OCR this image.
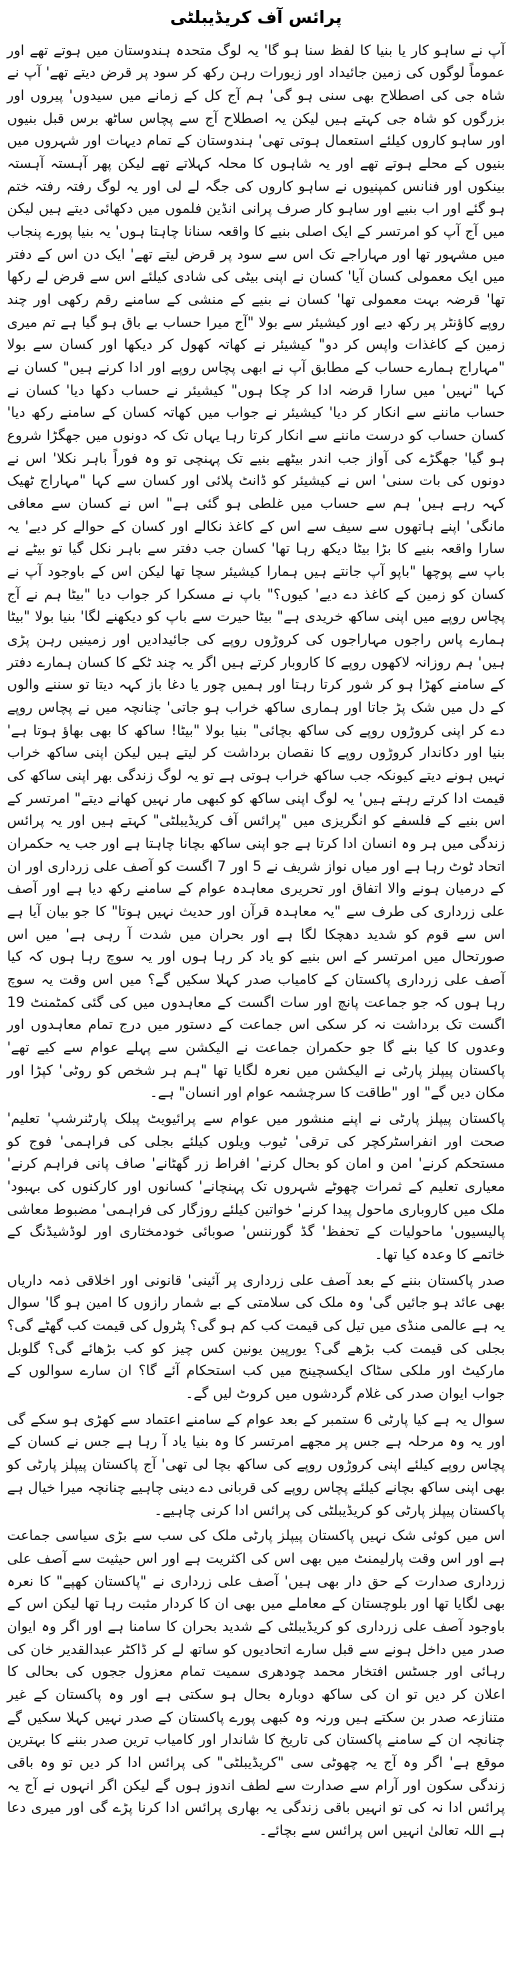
پرائس آف کریڈیبلٹی

آپ نے ساہو کار یا بنیا کا لفظ سنا ہو گا' یہ لوگ متحدہ ہندوستان میں ہوتے تھے اور عموماً لوگوں کی زمین جائیداد اور زیورات رہن رکھ کر سود پر قرض دیتے تھے' آپ نے شاہ جی کی اصطلاح بھی سنی ہو گی' ہم آج کل کے زمانے میں سیدوں' پیروں اور بزرگوں کو شاہ جی کہتے ہیں لیکن یہ اصطلاح آج سے پچاس ساٹھ برس قبل بنیوں اور ساہو کاروں کیلئے استعمال ہوتی تھی' ہندوستان کے تمام دیہات اور شہروں میں بنیوں کے محلے ہوتے تھے اور یہ شاہوں کا محلہ کہلاتے تھے لیکن پھر آہستہ آہستہ بینکوں اور فنانس کمپنیوں نے ساہو کاروں کی جگہ لے لی اور یہ لوگ رفتہ رفتہ ختم ہو گئے اور اب بنیے اور ساہو کار صرف پرانی انڈین فلموں میں دکھائی دیتے ہیں لیکن میں آج آپ کو امرتسر کے ایک اصلی بنیے کا واقعہ سنانا چاہتا ہوں' یہ بنیا پورے پنجاب میں مشہور تھا اور مہاراجے تک اس سے سود پر قرض لیتے تھے' ایک دن اس کے دفتر میں ایک معمولی کسان آیا' کسان نے اپنی بیٹی کی شادی کیلئے اس سے قرض لے رکھا تھا' قرضہ بہت معمولی تھا' کسان نے بنیے کے منشی کے سامنے رقم رکھی اور چند روپے کاؤنٹر پر رکھ دیے اور کیشیئر سے بولا "آج میرا حساب بے باق ہو گیا ہے تم میری زمین کے کاغذات واپس کر دو" کیشیئر نے کھاتہ کھول کر دیکھا اور کسان سے بولا "مہاراج ہمارے حساب کے مطابق آپ نے ابھی پچاس روپے اور ادا کرنے ہیں" کسان نے کہا "نہیں' میں سارا قرضہ ادا کر چکا ہوں" کیشیئر نے حساب دکھا دیا' کسان نے حساب ماننے سے انکار کر دیا' کیشیئر نے جواب میں کھاتہ کسان کے سامنے رکھ دیا' کسان حساب کو درست ماننے سے انکار کرتا رہا یہاں تک کہ دونوں میں جھگڑا شروع ہو گیا' جھگڑے کی آواز جب اندر بیٹھے بنیے تک پہنچی تو وہ فوراً باہر نکلا' اس نے دونوں کی بات سنی' اس نے کیشیئر کو ڈانٹ پلائی اور کسان سے کہا "مہاراج ٹھیک کہہ رہے ہیں' ہم سے حساب میں غلطی ہو گئی ہے" اس نے کسان سے معافی مانگی' اپنے ہاتھوں سے سیف سے اس کے کاغذ نکالے اور کسان کے حوالے کر دیے' یہ سارا واقعہ بنیے کا بڑا بیٹا دیکھ رہا تھا' کسان جب دفتر سے باہر نکل گیا تو بیٹے نے باپ سے پوچھا "باپو آپ جانتے ہیں ہمارا کیشیئر سچا تھا لیکن اس کے باوجود آپ نے کسان کو زمین کے کاغذ دے دیے' کیوں؟" باپ نے مسکرا کر جواب دیا "بیٹا ہم نے آج پچاس روپے میں اپنی ساکھ خریدی ہے" بیٹا حیرت سے باپ کو دیکھنے لگا' بنیا بولا "بیٹا ہمارے پاس راجوں مہاراجوں کی کروڑوں روپے کی جائیدادیں اور زمینیں رہن پڑی ہیں' ہم روزانہ لاکھوں روپے کا کاروبار کرتے ہیں اگر یہ چند ٹکے کا کسان ہمارے دفتر کے سامنے کھڑا ہو کر شور کرتا رہتا اور ہمیں چور یا دغا باز کہہ دیتا تو سننے والوں کے دل میں شک پڑ جاتا اور ہماری ساکھ خراب ہو جاتی' چنانچہ میں نے پچاس روپے دے کر اپنی کروڑوں روپے کی ساکھ بچائی" بنیا بولا "بیٹا! ساکھ کا بھی بھاؤ ہوتا ہے' بنیا اور دکاندار کروڑوں روپے کا نقصان برداشت کر لیتے ہیں لیکن اپنی ساکھ خراب نہیں ہونے دیتے کیونکہ جب ساکھ خراب ہوتی ہے تو یہ لوگ زندگی بھر اپنی ساکھ کی قیمت ادا کرتے رہتے ہیں' یہ لوگ اپنی ساکھ کو کبھی مار نہیں کھانے دیتے" امرتسر کے اس بنیے کے فلسفے کو انگریزی میں "پرائس آف کریڈیبلٹی" کہتے ہیں اور یہ پرائس زندگی میں ہر وہ انسان ادا کرتا ہے جو اپنی ساکھ بچانا چاہتا ہے اور جب یہ حکمران اتحاد ٹوٹ رہا ہے اور میاں نواز شریف نے 5 اور 7 اگست کو آصف علی زرداری اور ان کے درمیان ہونے والا اتفاق اور تحریری معاہدہ عوام کے سامنے رکھ دیا ہے اور آصف علی زرداری کی طرف سے "یہ معاہدہ قرآن اور حدیث نہیں ہوتا" کا جو بیان آیا ہے اس سے قوم کو شدید دھچکا لگا ہے اور بحران میں شدت آ رہی ہے' میں اس صورتحال میں امرتسر کے اس بنیے کو یاد کر رہا ہوں اور یہ سوچ رہا ہوں کہ کیا آصف علی زرداری پاکستان کے کامیاب صدر کہلا سکیں گے؟ میں اس وقت یہ سوچ رہا ہوں کہ جو جماعت پانچ اور سات اگست کے معاہدوں میں کی گئی کمٹمنٹ 19 اگست تک برداشت نہ کر سکی اس جماعت کے دستور میں درج تمام معاہدوں اور وعدوں کا کیا بنے گا جو حکمران جماعت نے الیکشن سے پہلے عوام سے کیے تھے' پاکستان پیپلز پارٹی نے الیکشن میں نعرہ لگایا تھا "ہم ہر شخص کو روٹی' کپڑا اور مکان دیں گے" اور "طاقت کا سرچشمہ عوام اور انسان" ہے۔

پاکستان پیپلز پارٹی نے اپنے منشور میں عوام سے پرائیویٹ پبلک پارٹنرشپ' تعلیم' صحت اور انفراسٹرکچر کی ترقی' ٹیوب ویلوں کیلئے بجلی کی فراہمی' فوج کو مستحکم کرنے' امن و امان کو بحال کرنے' افراط زر گھٹانے' صاف پانی فراہم کرنے' معیاری تعلیم کے ثمرات چھوٹے شہروں تک پہنچانے' کسانوں اور کارکنوں کی بہبود' ملک میں کاروباری ماحول پیدا کرنے' خواتین کیلئے روزگار کی فراہمی' مضبوط معاشی پالیسیوں' ماحولیات کے تحفظ' گڈ گورننس' صوبائی خودمختاری اور لوڈشیڈنگ کے خاتمے کا وعدہ کیا تھا۔

صدر پاکستان بننے کے بعد آصف علی زرداری پر آئینی' قانونی اور اخلاقی ذمہ داریاں بھی عائد ہو جائیں گی' وہ ملک کی سلامتی کے بے شمار رازوں کا امین ہو گا' سوال یہ ہے عالمی منڈی میں تیل کی قیمت کب کم ہو گی؟ پٹرول کی قیمت کب گھٹے گی؟ بجلی کی قیمت کب بڑھے گی؟ یورپین یونین کس چیز کو کب بڑھائے گی؟ گلوبل مارکیٹ اور ملکی سٹاک ایکسچینج میں کب استحکام آئے گا؟ ان سارے سوالوں کے جواب ایوان صدر کی غلام گردشوں میں کروٹ لیں گے۔

سوال یہ ہے کیا پارٹی 6 ستمبر کے بعد عوام کے سامنے اعتماد سے کھڑی ہو سکے گی اور یہ وہ مرحلہ ہے جس پر مجھے امرتسر کا وہ بنیا یاد آ رہا ہے جس نے کسان کے پچاس روپے کیلئے اپنی کروڑوں روپے کی ساکھ بچا لی تھی' آج پاکستان پیپلز پارٹی کو بھی اپنی ساکھ بچانے کیلئے پچاس روپے کی قربانی دے دینی چاہیے چنانچہ میرا خیال ہے پاکستان پیپلز پارٹی کو کریڈیبلٹی کی پرائس ادا کرنی چاہیے۔

اس میں کوئی شک نہیں پاکستان پیپلز پارٹی ملک کی سب سے بڑی سیاسی جماعت ہے اور اس وقت پارلیمنٹ میں بھی اس کی اکثریت ہے اور اس حیثیت سے آصف علی زرداری صدارت کے حق دار بھی ہیں' آصف علی زرداری نے "پاکستان کھپے" کا نعرہ بھی لگایا تھا اور بلوچستان کے معاملے میں بھی ان کا کردار مثبت رہا تھا لیکن اس کے باوجود آصف علی زرداری کو کریڈیبلٹی کے شدید بحران کا سامنا ہے اور اگر وہ ایوان صدر میں داخل ہونے سے قبل سارے اتحادیوں کو ساتھ لے کر ڈاکٹر عبدالقدیر خان کی رہائی اور جسٹس افتخار محمد چودھری سمیت تمام معزول ججوں کی بحالی کا اعلان کر دیں تو ان کی ساکھ دوبارہ بحال ہو سکتی ہے اور وہ پاکستان کے غیر متنازعہ صدر بن سکتے ہیں ورنہ وہ کبھی پورے پاکستان کے صدر نہیں کہلا سکیں گے چنانچہ ان کے سامنے پاکستان کی تاریخ کا شاندار اور کامیاب ترین صدر بننے کا بہترین موقع ہے' اگر وہ آج یہ چھوٹی سی "کریڈیبلٹی" کی پرائس ادا کر دیں تو وہ باقی زندگی سکون اور آرام سے صدارت سے لطف اندوز ہوں گے لیکن اگر انہوں نے آج یہ پرائس ادا نہ کی تو انہیں باقی زندگی یہ بھاری پرائس ادا کرنا پڑے گی اور میری دعا ہے اللہ تعالیٰ انہیں اس پرائس سے بچائے۔
